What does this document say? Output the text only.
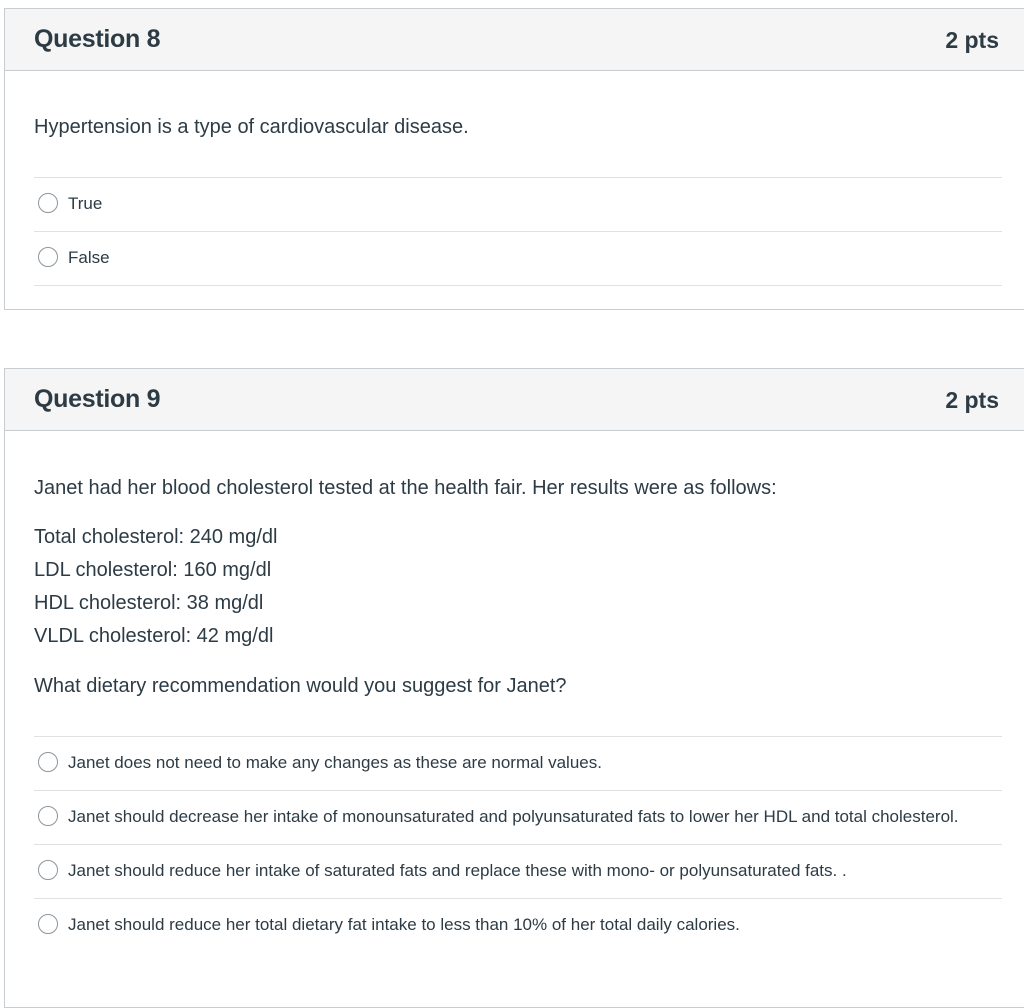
Question 8	2 pts
Hypertension is a type of cardiovascular disease.
True
False
Question 9	2 pts
Janet had her blood cholesterol tested at the health fair. Her results were as follows:
Total cholesterol: 240 mg/dl
LDL cholesterol: 160 mg/dl
HDL cholesterol: 38 mg/dl
VLDL cholesterol: 42 mg/dl
What dietary recommendation would you suggest for Janet?
Janet does not need to make any changes as these are normal values.
Janet should decrease her intake of monounsaturated and polyunsaturated fats to lower her HDL and total cholesterol.
Janet should reduce her intake of saturated fats and replace these with mono- or polyunsaturated fats. .
Janet should reduce her total dietary fat intake to less than 10% of her total daily calories.
